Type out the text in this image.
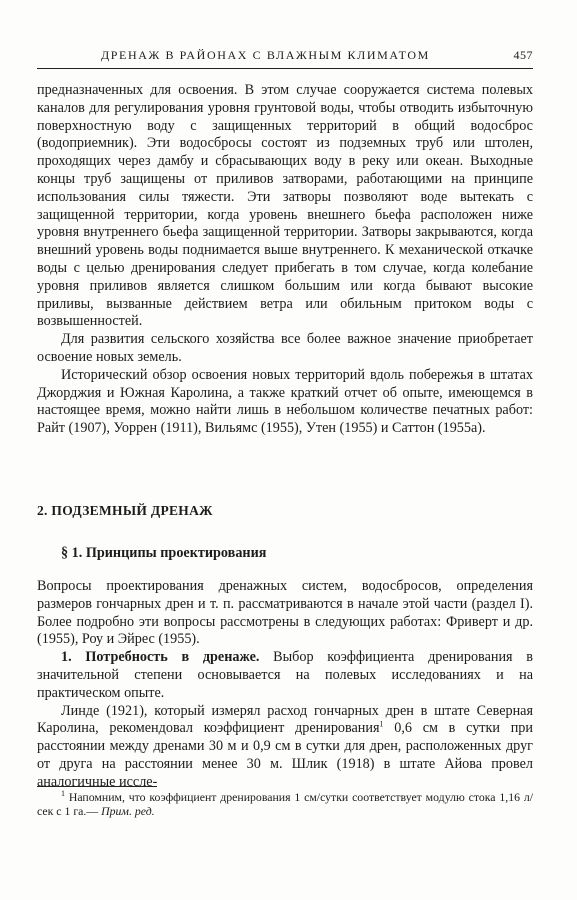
ДРЕНАЖ В РАЙОНАХ С ВЛАЖНЫМ КЛИМАТОМ	457

предназначенных для освоения. В этом случае сооружается система полевых каналов для регулирования уровня грунтовой воды, чтобы отводить избыточную поверхностную воду с защищенных территорий в общий водосброс (водоприемник). Эти водосбросы состоят из подземных труб или штолен, проходящих через дамбу и сбрасывающих воду в реку или океан. Выходные концы труб защищены от приливов затворами, работающими на принципе использования силы тяжести. Эти затворы позволяют воде вытекать с защищенной территории, когда уровень внешнего бьефа расположен ниже уровня внутреннего бьефа защищенной территории. Затворы закрываются, когда внешний уровень воды поднимается выше внутреннего. К механической откачке воды с целью дренирования следует прибегать в том случае, когда колебание уровня приливов является слишком большим или когда бывают высокие приливы, вызванные действием ветра или обильным притоком воды с возвышенностей.

Для развития сельского хозяйства все более важное значение приобретает освоение новых земель.

Исторический обзор освоения новых территорий вдоль побережья в штатах Джорджия и Южная Каролина, а также краткий отчет об опыте, имеющемся в настоящее время, можно найти лишь в небольшом количестве печатных работ: Райт (1907), Уоррен (1911), Вильямс (1955), Утен (1955) и Саттон (1955а).

2. ПОДЗЕМНЫЙ ДРЕНАЖ
§ 1. Принципы проектирования

Вопросы проектирования дренажных систем, водосбросов, определения размеров гончарных дрен и т. п. рассматриваются в начале этой части (раздел I). Более подробно эти вопросы рассмотрены в следующих работах: Фриверт и др. (1955), Роу и Эйрес (1955).

1. Потребность в дренаже. Выбор коэффициента дренирования в значительной степени основывается на полевых исследованиях и на практическом опыте.

Линде (1921), который измерял расход гончарных дрен в штате Северная Каролина, рекомендовал коэффициент дренирования$^1$ 0,6 см в сутки при расстоянии между дренами 30 м и 0,9 см в сутки для дрен, расположенных друг от друга на расстоянии менее 30 м. Шлик (1918) в штате Айова провел аналогичные иссле-

$^1$ Напомним, что коэффициент дренирования 1 см/сутки соответствует модулю стока 1,16 л/сек с 1 га.— Прим. ред.
